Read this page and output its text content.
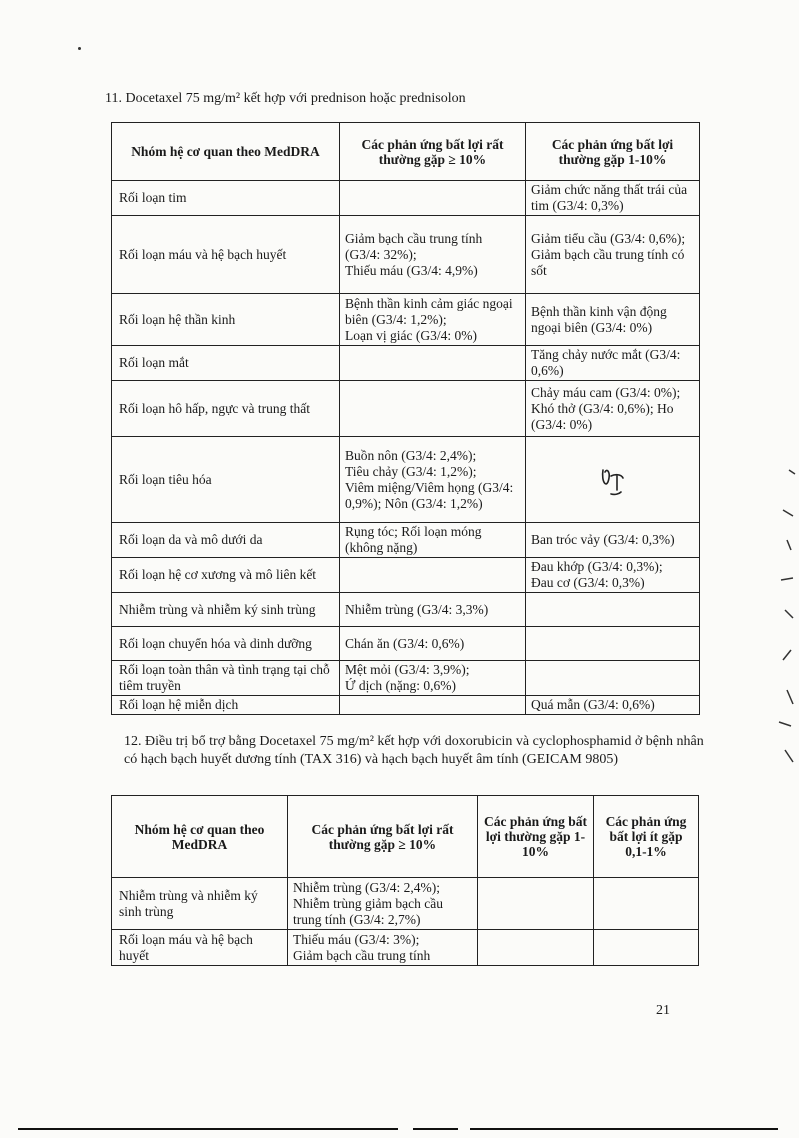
11. Docetaxel 75 mg/m² kết hợp với prednison hoặc prednisolon
Nhóm hệ cơ quan theo MedDRA	Các phản ứng bất lợi rất thường gặp ≥ 10%	Các phản ứng bất lợi thường gặp 1-10%
Rối loạn tim		Giảm chức năng thất trái của tim (G3/4: 0,3%)

Rối loạn máu và hệ bạch huyết	Giảm bạch cầu trung tính (G3/4: 32%);
Thiếu máu (G3/4: 4,9%)	Giảm tiểu cầu (G3/4: 0,6%);
Giảm bạch cầu trung tính có sốt

Rối loạn hệ thần kinh	Bệnh thần kinh cảm giác ngoại biên (G3/4: 1,2%);
Loạn vị giác (G3/4: 0%)	Bệnh thần kinh vận động ngoại biên (G3/4: 0%)

Rối loạn mắt		Tăng chảy nước mắt (G3/4: 0,6%)

Rối loạn hô hấp, ngực và trung thất		Chảy máu cam (G3/4: 0%); Khó thở (G3/4: 0,6%); Ho (G3/4: 0%)

Rối loạn tiêu hóa	Buồn nôn (G3/4: 2,4%);
Tiêu chảy (G3/4: 1,2%);
Viêm miệng/Viêm họng (G3/4: 0,9%); Nôn (G3/4: 1,2%)

Rối loạn da và mô dưới da	Rụng tóc; Rối loạn móng (không nặng)	Ban tróc vảy (G3/4: 0,3%)

Rối loạn hệ cơ xương và mô liên kết		Đau khớp (G3/4: 0,3%);
Đau cơ (G3/4: 0,3%)

Nhiễm trùng và nhiễm ký sinh trùng	Nhiễm trùng (G3/4: 3,3%)	

Rối loạn chuyển hóa và dinh dưỡng	Chán ăn (G3/4: 0,6%)	

Rối loạn toàn thân và tình trạng tại chỗ tiêm truyền	Mệt mỏi (G3/4: 3,9%);
Ứ dịch (nặng: 0,6%)	

Rối loạn hệ miễn dịch		Quá mẫn (G3/4: 0,6%)
12. Điều trị bổ trợ bằng Docetaxel 75 mg/m² kết hợp với doxorubicin và cyclophosphamid ở bệnh nhân có hạch bạch huyết dương tính (TAX 316) và hạch bạch huyết âm tính (GEICAM 9805)
Nhóm hệ cơ quan theo MedDRA	Các phản ứng bất lợi rất thường gặp ≥ 10%	Các phản ứng bất lợi thường gặp 1-10%	Các phản ứng bất lợi ít gặp 0,1-1%
Nhiễm trùng và nhiễm ký sinh trùng	Nhiễm trùng (G3/4: 2,4%);
Nhiễm trùng giảm bạch cầu trung tính (G3/4: 2,7%)		

Rối loạn máu và hệ bạch huyết	Thiếu máu (G3/4: 3%);
Giảm bạch cầu trung tính		

21
